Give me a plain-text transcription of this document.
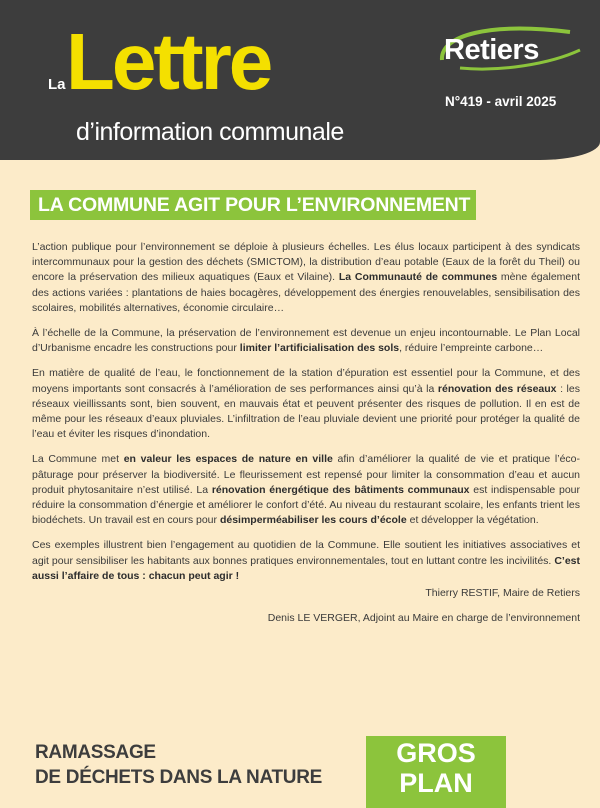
La Lettre
d’information communale
Retiers
N°419 - avril 2025
LA COMMUNE AGIT POUR L’ENVIRONNEMENT

L’action publique pour l’environnement se déploie à plusieurs échelles. Les élus locaux participent à des syndicats intercommunaux pour la gestion des déchets (SMICTOM), la distribution d’eau potable (Eaux de la forêt du Theil) ou encore la préservation des milieux aquatiques (Eaux et Vilaine). La Communauté de communes mène également des actions variées : plantations de haies bocagères, développement des énergies renouvelables, sensibilisation des scolaires, mobilités alternatives, économie circulaire…

À l’échelle de la Commune, la préservation de l’environnement est devenue un enjeu incontournable. Le Plan Local d’Urbanisme encadre les constructions pour limiter l’artificialisation des sols, réduire l’empreinte carbone…

En matière de qualité de l’eau, le fonctionnement de la station d’épuration est essentiel pour la Commune, et des moyens importants sont consacrés à l’amélioration de ses performances ainsi qu’à la rénovation des réseaux : les réseaux vieillissants sont, bien souvent, en mauvais état et peuvent présenter des risques de pollution. Il en est de même pour les réseaux d’eaux pluviales. L’infiltration de l’eau pluviale devient une priorité pour protéger la qualité de l’eau et éviter les risques d’inondation.

La Commune met en valeur les espaces de nature en ville afin d’améliorer la qualité de vie et pratique l’éco-pâturage pour préserver la biodiversité. Le fleurissement est repensé pour limiter la consommation d’eau et aucun produit phytosanitaire n’est utilisé. La rénovation énergétique des bâtiments communaux est indispensable pour réduire la consommation d’énergie et améliorer le confort d’été. Au niveau du restaurant scolaire, les enfants trient les biodéchets. Un travail est en cours pour désimperméabiliser les cours d’école et développer la végétation.

Ces exemples illustrent bien l’engagement au quotidien de la Commune. Elle soutient les initiatives associatives et agit pour sensibiliser les habitants aux bonnes pratiques environnementales, tout en luttant contre les incivilités. C’est aussi l’affaire de tous : chacun peut agir !

Thierry RESTIF, Maire de Retiers

Denis LE VERGER, Adjoint au Maire en charge de l’environnement

RAMASSAGE
DE DÉCHETS DANS LA NATURE
GROS
PLAN
